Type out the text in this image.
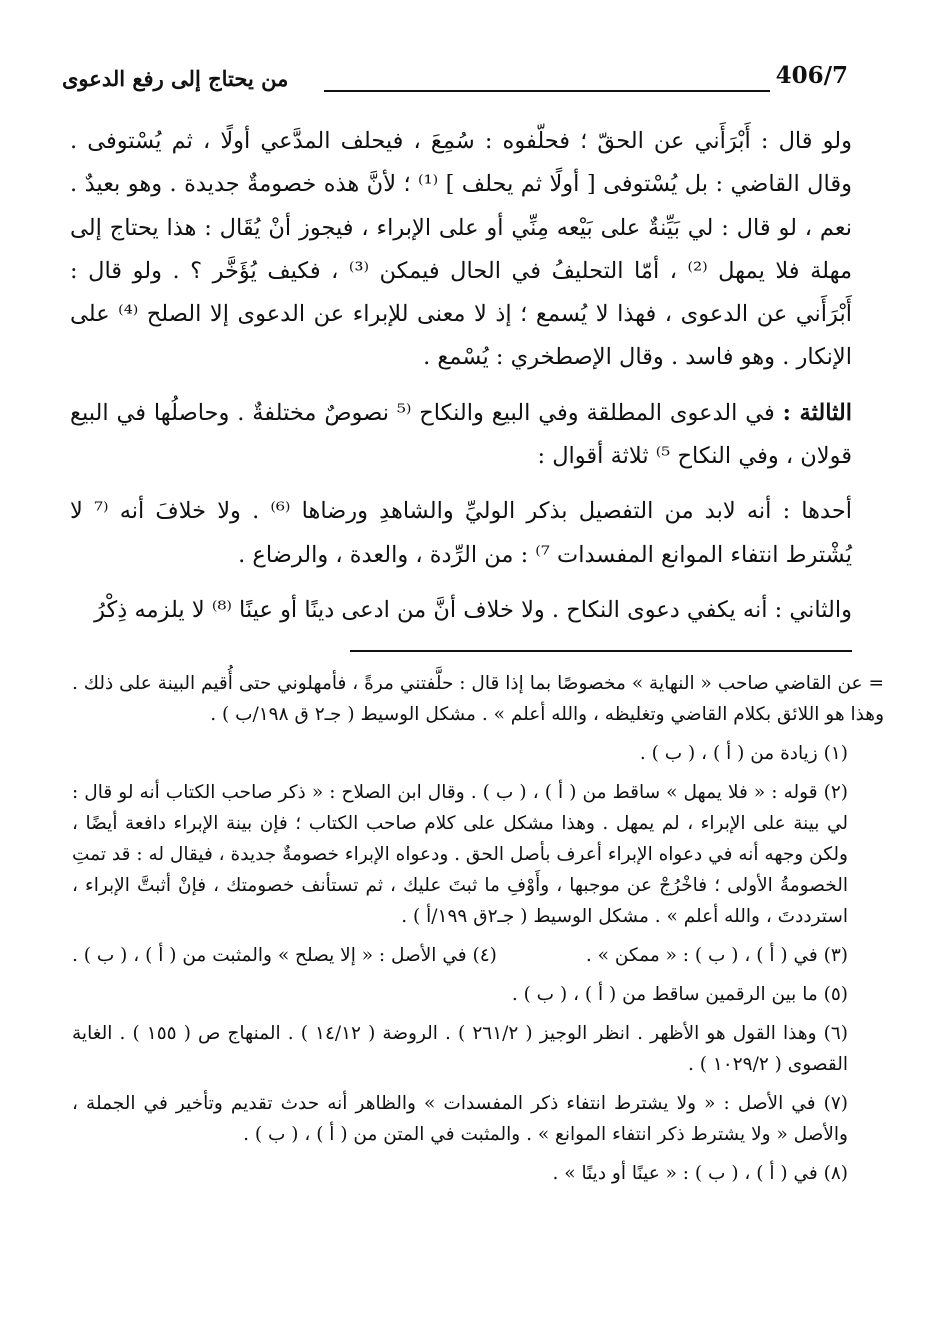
406/7
من يحتاج إلى رفع الدعوى

ولو قال : أَبْرَأَني عن الحقّ ؛ فحلّفوه : سُمِعَ ، فيحلف المدَّعي أولًا ، ثم يُسْتوفى . وقال القاضي : بل يُسْتوفى [ أولًا ثم يحلف ] ⁽¹⁾ ؛ لأنَّ هذه خصومةٌ جديدة . وهو بعيدٌ . نعم ، لو قال : لي بَيِّنةٌ على بَيْعه مِنِّي أو على الإبراء ، فيجوز أنْ يُقَال : هذا يحتاج إلى مهلة فلا يمهل ⁽²⁾ ، أمّا التحليفُ في الحال فيمكن ⁽³⁾ ، فكيف يُؤَخَّر ؟ . ولو قال : أَبْرَأَني عن الدعوى ، فهذا لا يُسمع ؛ إذ لا معنى للإبراء عن الدعوى إلا الصلح ⁽⁴⁾ على الإنكار . وهو فاسد . وقال الإصطخري : يُسْمع .

الثالثة : في الدعوى المطلقة وفي البيع والنكاح ⁽⁵ نصوصٌ مختلفةٌ . وحاصلُها في البيع قولان ، وفي النكاح ⁵⁾ ثلاثة أقوال :

أحدها : أنه لابد من التفصيل بذكر الوليِّ والشاهدِ ورضاها ⁽⁶⁾ . ولا خلافَ أنه ⁽⁷ لا يُشْترط انتفاء الموانع المفسدات ⁷⁾ : من الرِّدة ، والعدة ، والرضاع .

والثاني : أنه يكفي دعوى النكاح . ولا خلاف أنَّ من ادعى دينًا أو عينًا ⁽⁸⁾ لا يلزمه ذِكْرُ

= عن القاضي صاحب « النهاية » مخصوصًا بما إذا قال : حلَّفتني مرةً ، فأمهلوني حتى أُقيم البينة على ذلك . وهذا هو اللائق بكلام القاضي وتغليظه ، والله أعلم » . مشكل الوسيط ( جـ٢ ق ١٩٨/ب ) .

(١) زيادة من ( أ ) ، ( ب ) .

(٢) قوله : « فلا يمهل » ساقط من ( أ ) ، ( ب ) . وقال ابن الصلاح : « ذكر صاحب الكتاب أنه لو قال : لي بينة على الإبراء ، لم يمهل . وهذا مشكل على كلام صاحب الكتاب ؛ فإن بينة الإبراء دافعة أيضًا ، ولكن وجهه أنه في دعواه الإبراء أعرف بأصل الحق . ودعواه الإبراء خصومةٌ جديدة ، فيقال له : قد تمتِ الخصومةُ الأولى ؛ فاخْرُجْ عن موجبها ، وأَوْفِ ما ثبتَ عليك ، ثم تستأنف خصومتك ، فإنْ أثبتَّ الإبراء ، استرددتَ ، والله أعلم » . مشكل الوسيط ( جـ٢ق ١٩٩/أ ) .

(٣) في ( أ ) ، ( ب ) : « ممكن » .
(٤) في الأصل : « إلا يصلح » والمثبت من ( أ ) ، ( ب ) .

(٥) ما بين الرقمين ساقط من ( أ ) ، ( ب ) .

(٦) وهذا القول هو الأظهر . انظر الوجيز ( ٢٦١/٢ ) . الروضة ( ١٤/١٢ ) . المنهاج ص ( ١٥٥ ) . الغاية القصوى ( ١٠٢٩/٢ ) .

(٧) في الأصل : « ولا يشترط انتفاء ذكر المفسدات » والظاهر أنه حدث تقديم وتأخير في الجملة ، والأصل « ولا يشترط ذكر انتفاء الموانع » . والمثبت في المتن من ( أ ) ، ( ب ) .

(٨) في ( أ ) ، ( ب ) : « عينًا أو دينًا » .
